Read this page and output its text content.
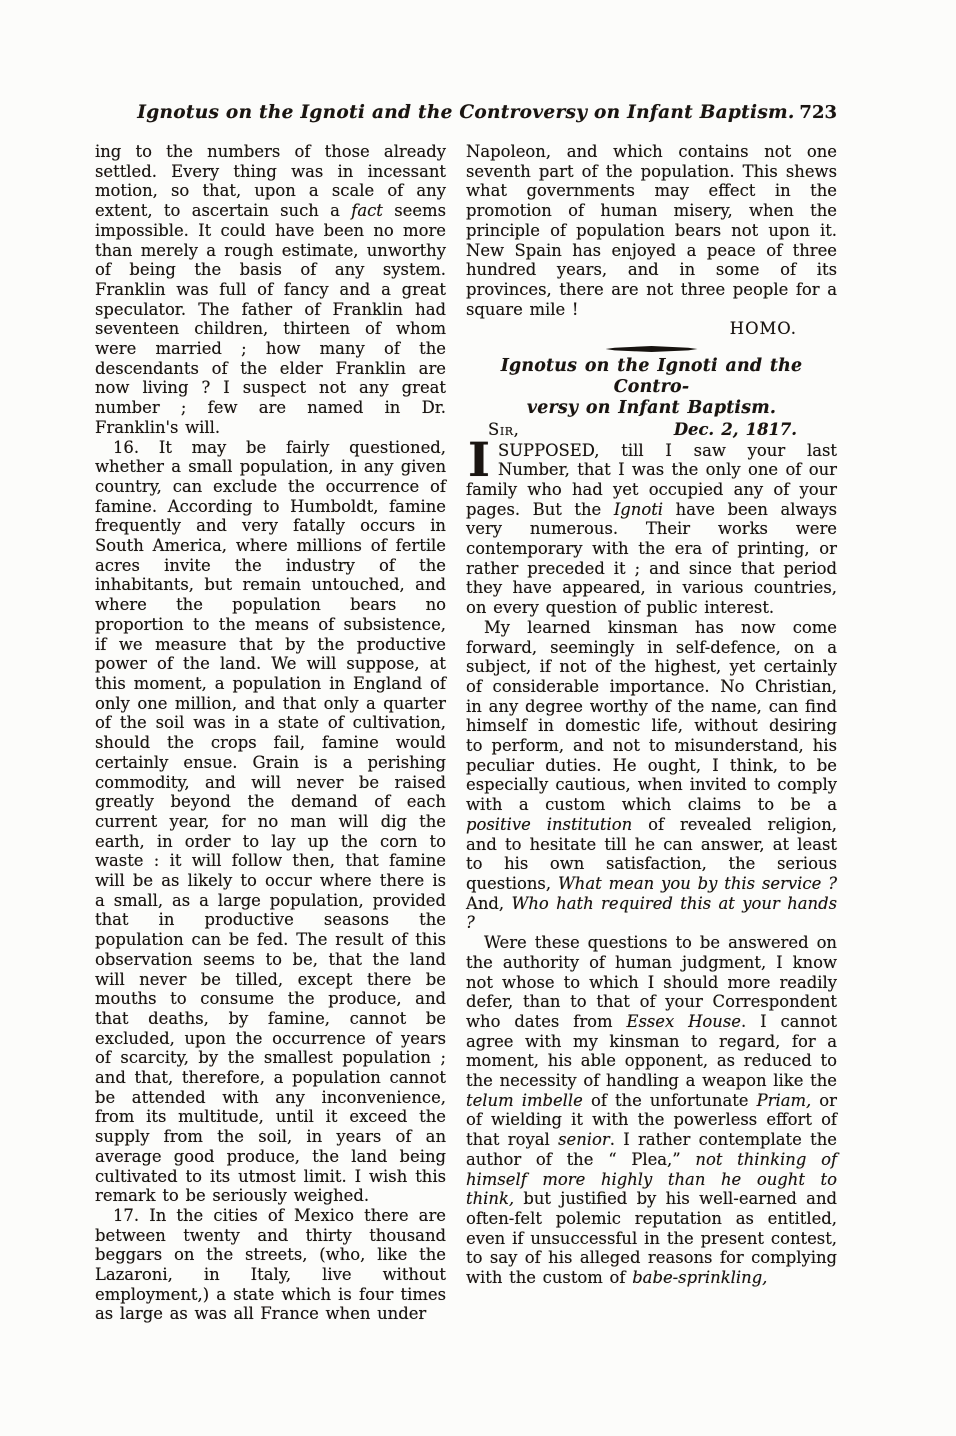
Ignotus on the Ignoti and the Controversy on Infant Baptism. 723

ing to the numbers of those already settled. Every thing was in incessant motion, so that, upon a scale of any extent, to ascertain such a fact seems impossible. It could have been no more than merely a rough estimate, unworthy of being the basis of any system. Franklin was full of fancy and a great speculator. The father of Franklin had seventeen children, thirteen of whom were married ; how many of the descendants of the elder Franklin are now living ? I suspect not any great number ; few are named in Dr. Franklin's will.

16. It may be fairly questioned, whether a small population, in any given country, can exclude the occurrence of famine. According to Humboldt, famine frequently and very fatally occurs in South America, where millions of fertile acres invite the industry of the inhabitants, but remain untouched, and where the population bears no proportion to the means of subsistence, if we measure that by the productive power of the land. We will suppose, at this moment, a population in England of only one million, and that only a quarter of the soil was in a state of cultivation, should the crops fail, famine would certainly ensue. Grain is a perishing commodity, and will never be raised greatly beyond the demand of each current year, for no man will dig the earth, in order to lay up the corn to waste : it will follow then, that famine will be as likely to occur where there is a small, as a large population, provided that in productive seasons the population can be fed. The result of this observation seems to be, that the land will never be tilled, except there be mouths to consume the produce, and that deaths, by famine, cannot be excluded, upon the occurrence of years of scarcity, by the smallest population ; and that, therefore, a population cannot be attended with any inconvenience, from its multitude, until it exceed the supply from the soil, in years of an average good produce, the land being cultivated to its utmost limit. I wish this remark to be seriously weighed.

17. In the cities of Mexico there are between twenty and thirty thousand beggars on the streets, (who, like the Lazaroni, in Italy, live without employment,) a state which is four times as large as was all France when under

Napoleon, and which contains not one seventh part of the population. This shews what governments may effect in the promotion of human misery, when the principle of population bears not upon it. New Spain has enjoyed a peace of three hundred years, and in some of its provinces, there are not three people for a square mile !

HOMO.

Ignotus on the Ignoti and the Contro-
versy on Infant Baptism.
Sir,	Dec. 2, 1817.

ISUPPOSED, till I saw your last Number, that I was the only one of our family who had yet occupied any of your pages. But the Ignoti have been always very numerous. Their works were contemporary with the era of printing, or rather preceded it ; and since that period they have appeared, in various countries, on every question of public interest.

My learned kinsman has now come forward, seemingly in self-defence, on a subject, if not of the highest, yet certainly of considerable importance. No Christian, in any degree worthy of the name, can find himself in domestic life, without desiring to perform, and not to misunderstand, his peculiar duties. He ought, I think, to be especially cautious, when invited to comply with a custom which claims to be a positive institution of revealed religion, and to hesitate till he can answer, at least to his own satisfaction, the serious questions, What mean you by this service ? And, Who hath required this at your hands ?

Were these questions to be answered on the authority of human judgment, I know not whose to which I should more readily defer, than to that of your Correspondent who dates from Essex House. I cannot agree with my kinsman to regard, for a moment, his able opponent, as reduced to the necessity of handling a weapon like the telum imbelle of the unfortunate Priam, or of wielding it with the powerless effort of that royal senior. I rather contemplate the author of the “ Plea,” not thinking of himself more highly than he ought to think, but justified by his well-earned and often-felt polemic reputation as entitled, even if unsuccessful in the present contest, to say of his alleged reasons for complying with the custom of babe-sprinkling,
